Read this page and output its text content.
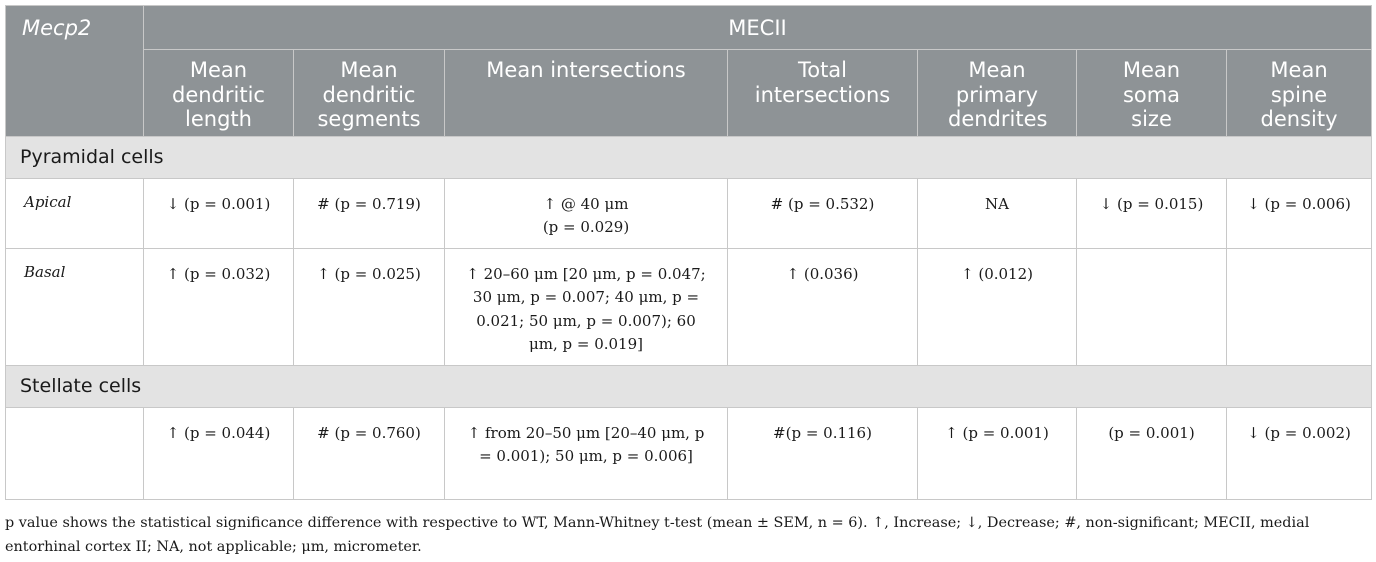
Mecp2	MECII						
	Mean dendritic length	Mean dendritic segments	Mean intersections	Total intersections	Mean primary dendrites	Mean soma size	Mean spine density
Pyramidal cells							
Apical	↓ (p = 0.001)	# (p = 0.719)	↑ @ 40 μm (p = 0.029)	# (p = 0.532)	NA	↓ (p = 0.015)	↓ (p = 0.006)
Basal	↑ (p = 0.032)	↑ (p = 0.025)	↑ 20–60 μm [20 μm, p = 0.047; 30 μm, p = 0.007; 40 μm, p = 0.021; 50 μm, p = 0.007); 60 μm, p = 0.019]	↑ (0.036)	↑ (0.012)		
Stellate cells							
	↑ (p = 0.044)	# (p = 0.760)	↑ from 20–50 μm [20–40 μm, p = 0.001); 50 μm, p = 0.006]	#(p = 0.116)	↑ (p = 0.001)	(p = 0.001)	↓ (p = 0.002)
p value shows the statistical significance difference with respective to WT, Mann-Whitney t-test (mean ± SEM, n = 6). ↑, Increase; ↓, Decrease; #, non-significant; MECII, medial entorhinal cortex II; NA, not applicable; μm, micrometer.
